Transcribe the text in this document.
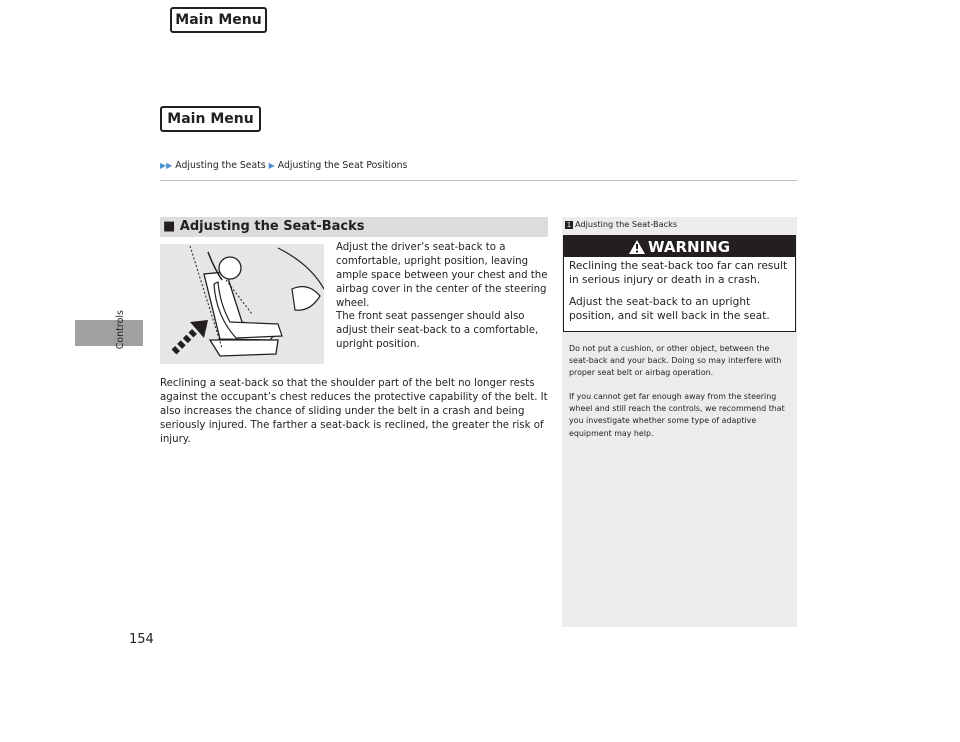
Main Menu
Main Menu
▶▶ Adjusting the Seats ▶ Adjusting the Seat Positions
Controls
■ Adjusting the Seat-Backs
Adjust the driver’s seat-back to a comfortable, upright position, leaving ample space between your chest and the airbag cover in the center of the steering wheel.
The front seat passenger should also adjust their seat-back to a comfortable, upright position.
Reclining a seat-back so that the shoulder part of the belt no longer rests against the occupant’s chest reduces the protective capability of the belt. It also increases the chance of sliding under the belt in a crash and being seriously injured. The farther a seat-back is reclined, the greater the risk of injury.
1 Adjusting the Seat-Backs
WARNING
Reclining the seat-back too far can result in serious injury or death in a crash.
Adjust the seat-back to an upright position, and sit well back in the seat.
Do not put a cushion, or other object, between the seat-back and your back. Doing so may interfere with proper seat belt or airbag operation.
If you cannot get far enough away from the steering wheel and still reach the controls, we recommend that you investigate whether some type of adaptive equipment may help.
154
